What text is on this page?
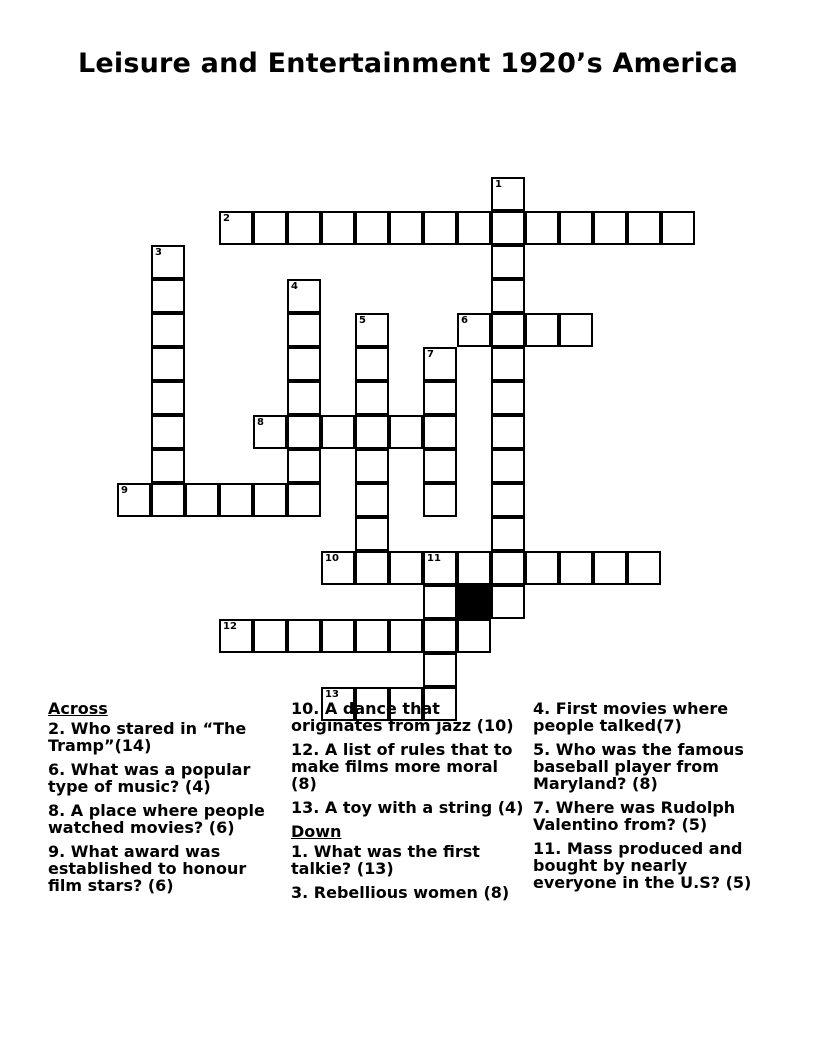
Leisure and Entertainment 1920’s America
1
2
3
4
5	6
7
8
9
10	11
12
13
Across
2. Who stared in “The Tramp”(14)
6. What was a popular type of music? (4)
8. A place where people watched movies? (6)
9. What award was established to honour film stars? (6)
10. A dance that originates from jazz (10)
12. A list of rules that to make films more moral (8)
13. A toy with a string (4)
Down
1. What was the first talkie? (13)
3. Rebellious women (8)
4. First movies where people talked(7)
5. Who was the famous baseball player from Maryland? (8)
7. Where was Rudolph Valentino from? (5)
11. Mass produced and bought by nearly everyone in the U.S? (5)
